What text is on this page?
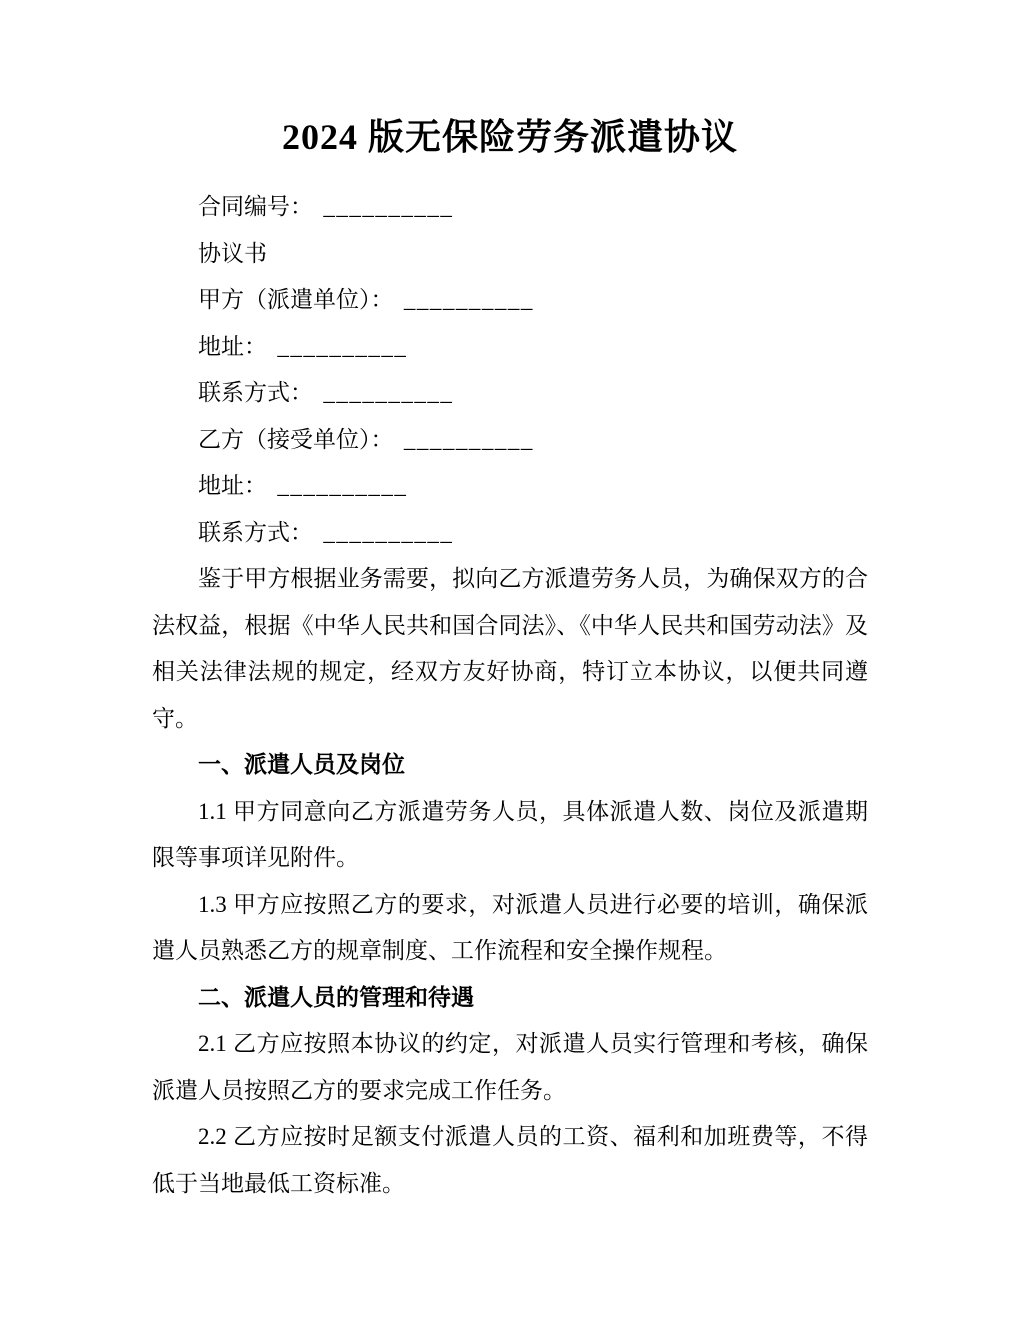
2024 版无保险劳务派遣协议

合同编号： __________

协议书

甲方（派遣单位）： __________

地址： __________

联系方式： __________

乙方（接受单位）： __________

地址： __________

联系方式： __________

鉴于甲方根据业务需要，拟向乙方派遣劳务人员，为确保双方的合法权益，根据《中华人民共和国合同法》、《中华人民共和国劳动法》及相关法律法规的规定，经双方友好协商，特订立本协议，以便共同遵守。

一、派遣人员及岗位

1.1 甲方同意向乙方派遣劳务人员，具体派遣人数、岗位及派遣期限等事项详见附件。

1.3 甲方应按照乙方的要求，对派遣人员进行必要的培训，确保派遣人员熟悉乙方的规章制度、工作流程和安全操作规程。

二、派遣人员的管理和待遇

2.1 乙方应按照本协议的约定，对派遣人员实行管理和考核，确保派遣人员按照乙方的要求完成工作任务。

2.2 乙方应按时足额支付派遣人员的工资、福利和加班费等，不得低于当地最低工资标准。
